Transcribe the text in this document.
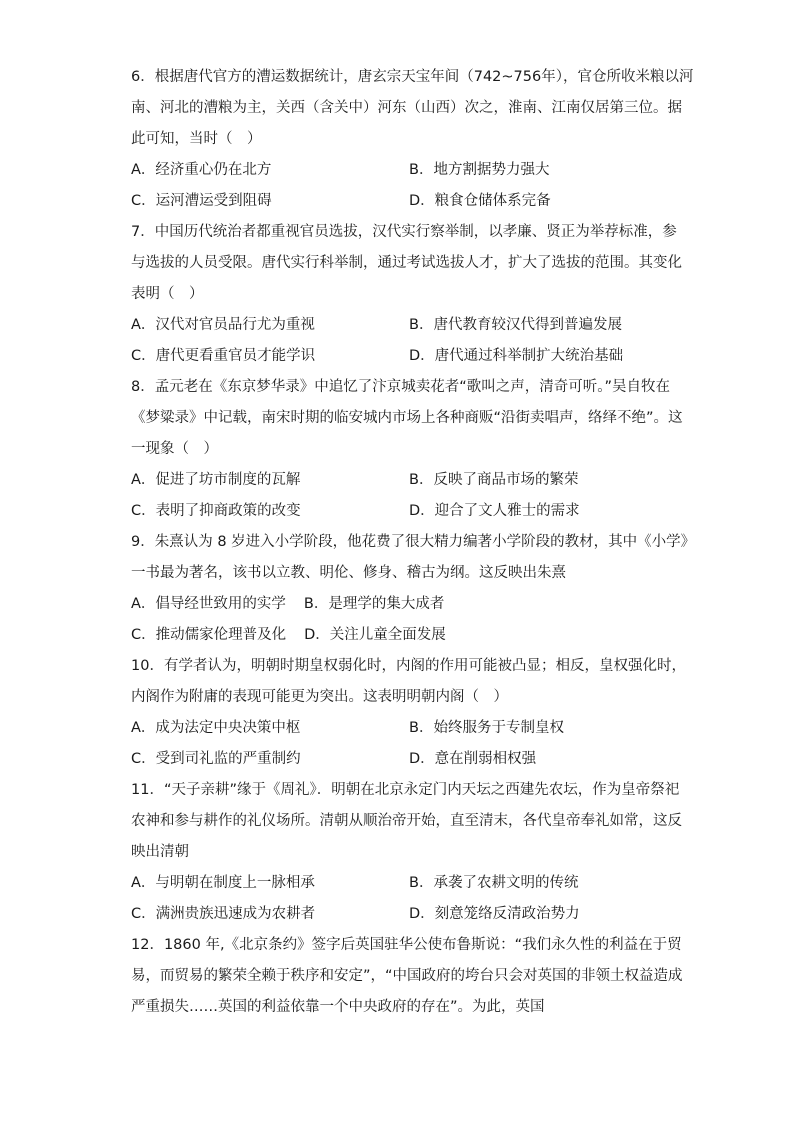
6．根据唐代官方的漕运数据统计，唐玄宗天宝年间（742~756年），官仓所收米粮以河
南、河北的漕粮为主，关西（含关中）河东（山西）次之，淮南、江南仅居第三位。据
此可知，当时（　）
A．经济重心仍在北方	B．地方割据势力强大
C．运河漕运受到阻碍	D．粮食仓储体系完备
7．中国历代统治者都重视官员选拔，汉代实行察举制，以孝廉、贤正为举荐标准，参
与选拔的人员受限。唐代实行科举制，通过考试选拔人才，扩大了选拔的范围。其变化
表明（　）
A．汉代对官员品行尤为重视	B．唐代教育较汉代得到普遍发展
C．唐代更看重官员才能学识	D．唐代通过科举制扩大统治基础
8．孟元老在《东京梦华录》中追忆了汴京城卖花者“歌叫之声，清奇可听。”吴自牧在
《梦粱录》中记载，南宋时期的临安城内市场上各种商贩“沿街卖唱声，络绎不绝”。这
一现象（　）
A．促进了坊市制度的瓦解	B．反映了商品市场的繁荣
C．表明了抑商政策的改变	D．迎合了文人雅士的需求
9．朱熹认为 8 岁进入小学阶段，他花费了很大精力编著小学阶段的教材，其中《小学》
一书最为著名，该书以立教、明伦、修身、稽古为纲。这反映出朱熹
A．倡导经世致用的实学 B．是理学的集大成者
C．推动儒家伦理普及化 D．关注儿童全面发展
10．有学者认为，明朝时期皇权弱化时，内阁的作用可能被凸显；相反，皇权强化时，
内阁作为附庸的表现可能更为突出。这表明明朝内阁（　）
A．成为法定中央决策中枢	B．始终服务于专制皇权
C．受到司礼监的严重制约	D．意在削弱相权强
11．“天子亲耕”缘于《周礼》．明朝在北京永定门内天坛之西建先农坛，作为皇帝祭祀
农神和参与耕作的礼仪场所。清朝从顺治帝开始，直至清末，各代皇帝奉礼如常，这反
映出清朝
A．与明朝在制度上一脉相承	B．承袭了农耕文明的传统
C．满洲贵族迅速成为农耕者	D．刻意笼络反清政治势力
12．1860 年,《北京条约》签字后英国驻华公使布鲁斯说：“我们永久性的利益在于贸
易，而贸易的繁荣全赖于秩序和安定”，“中国政府的垮台只会对英国的非领土权益造成
严重损失……英国的利益依靠一个中央政府的存在”。为此，英国
